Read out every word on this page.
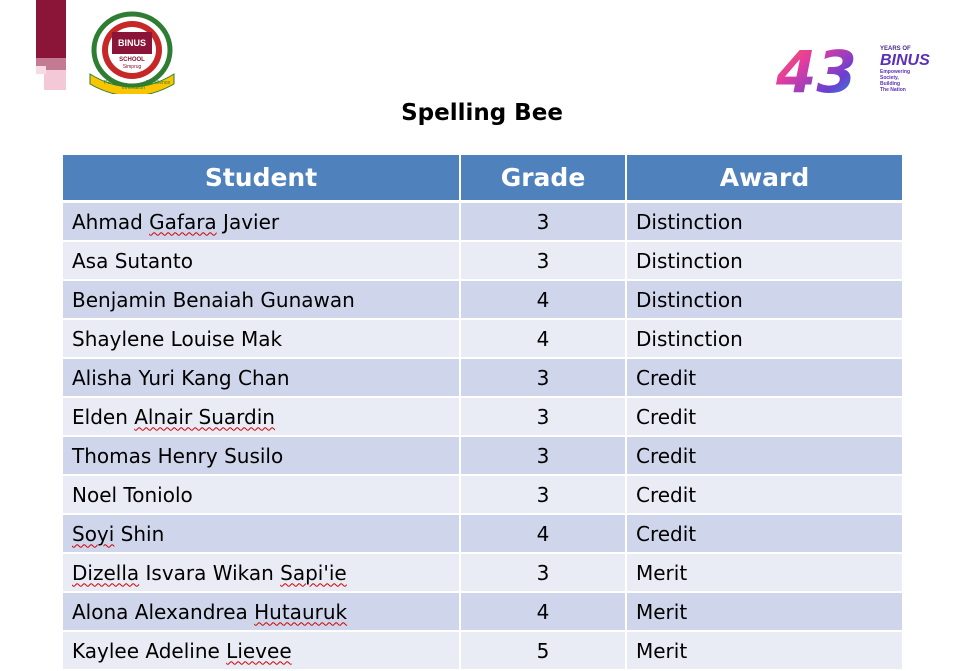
BINUS
SCHOOL
Simprug
People
Innovation
Excellence	43	YEARS OF
BINUS
Empowering
Society,
Building
The Nation
Spelling Bee
Student	Grade	Award
Ahmad Gafara Javier	3	Distinction
Asa Sutanto	3	Distinction
Benjamin Benaiah Gunawan	4	Distinction
Shaylene Louise Mak	4	Distinction
Alisha Yuri Kang Chan	3	Credit
Elden Alnair Suardin	3	Credit
Thomas Henry Susilo	3	Credit
Noel Toniolo	3	Credit
Soyi Shin	4	Credit
Dizella Isvara Wikan Sapi'ie	3	Merit
Alona Alexandrea Hutauruk	4	Merit
Kaylee Adeline Lievee	5	Merit
